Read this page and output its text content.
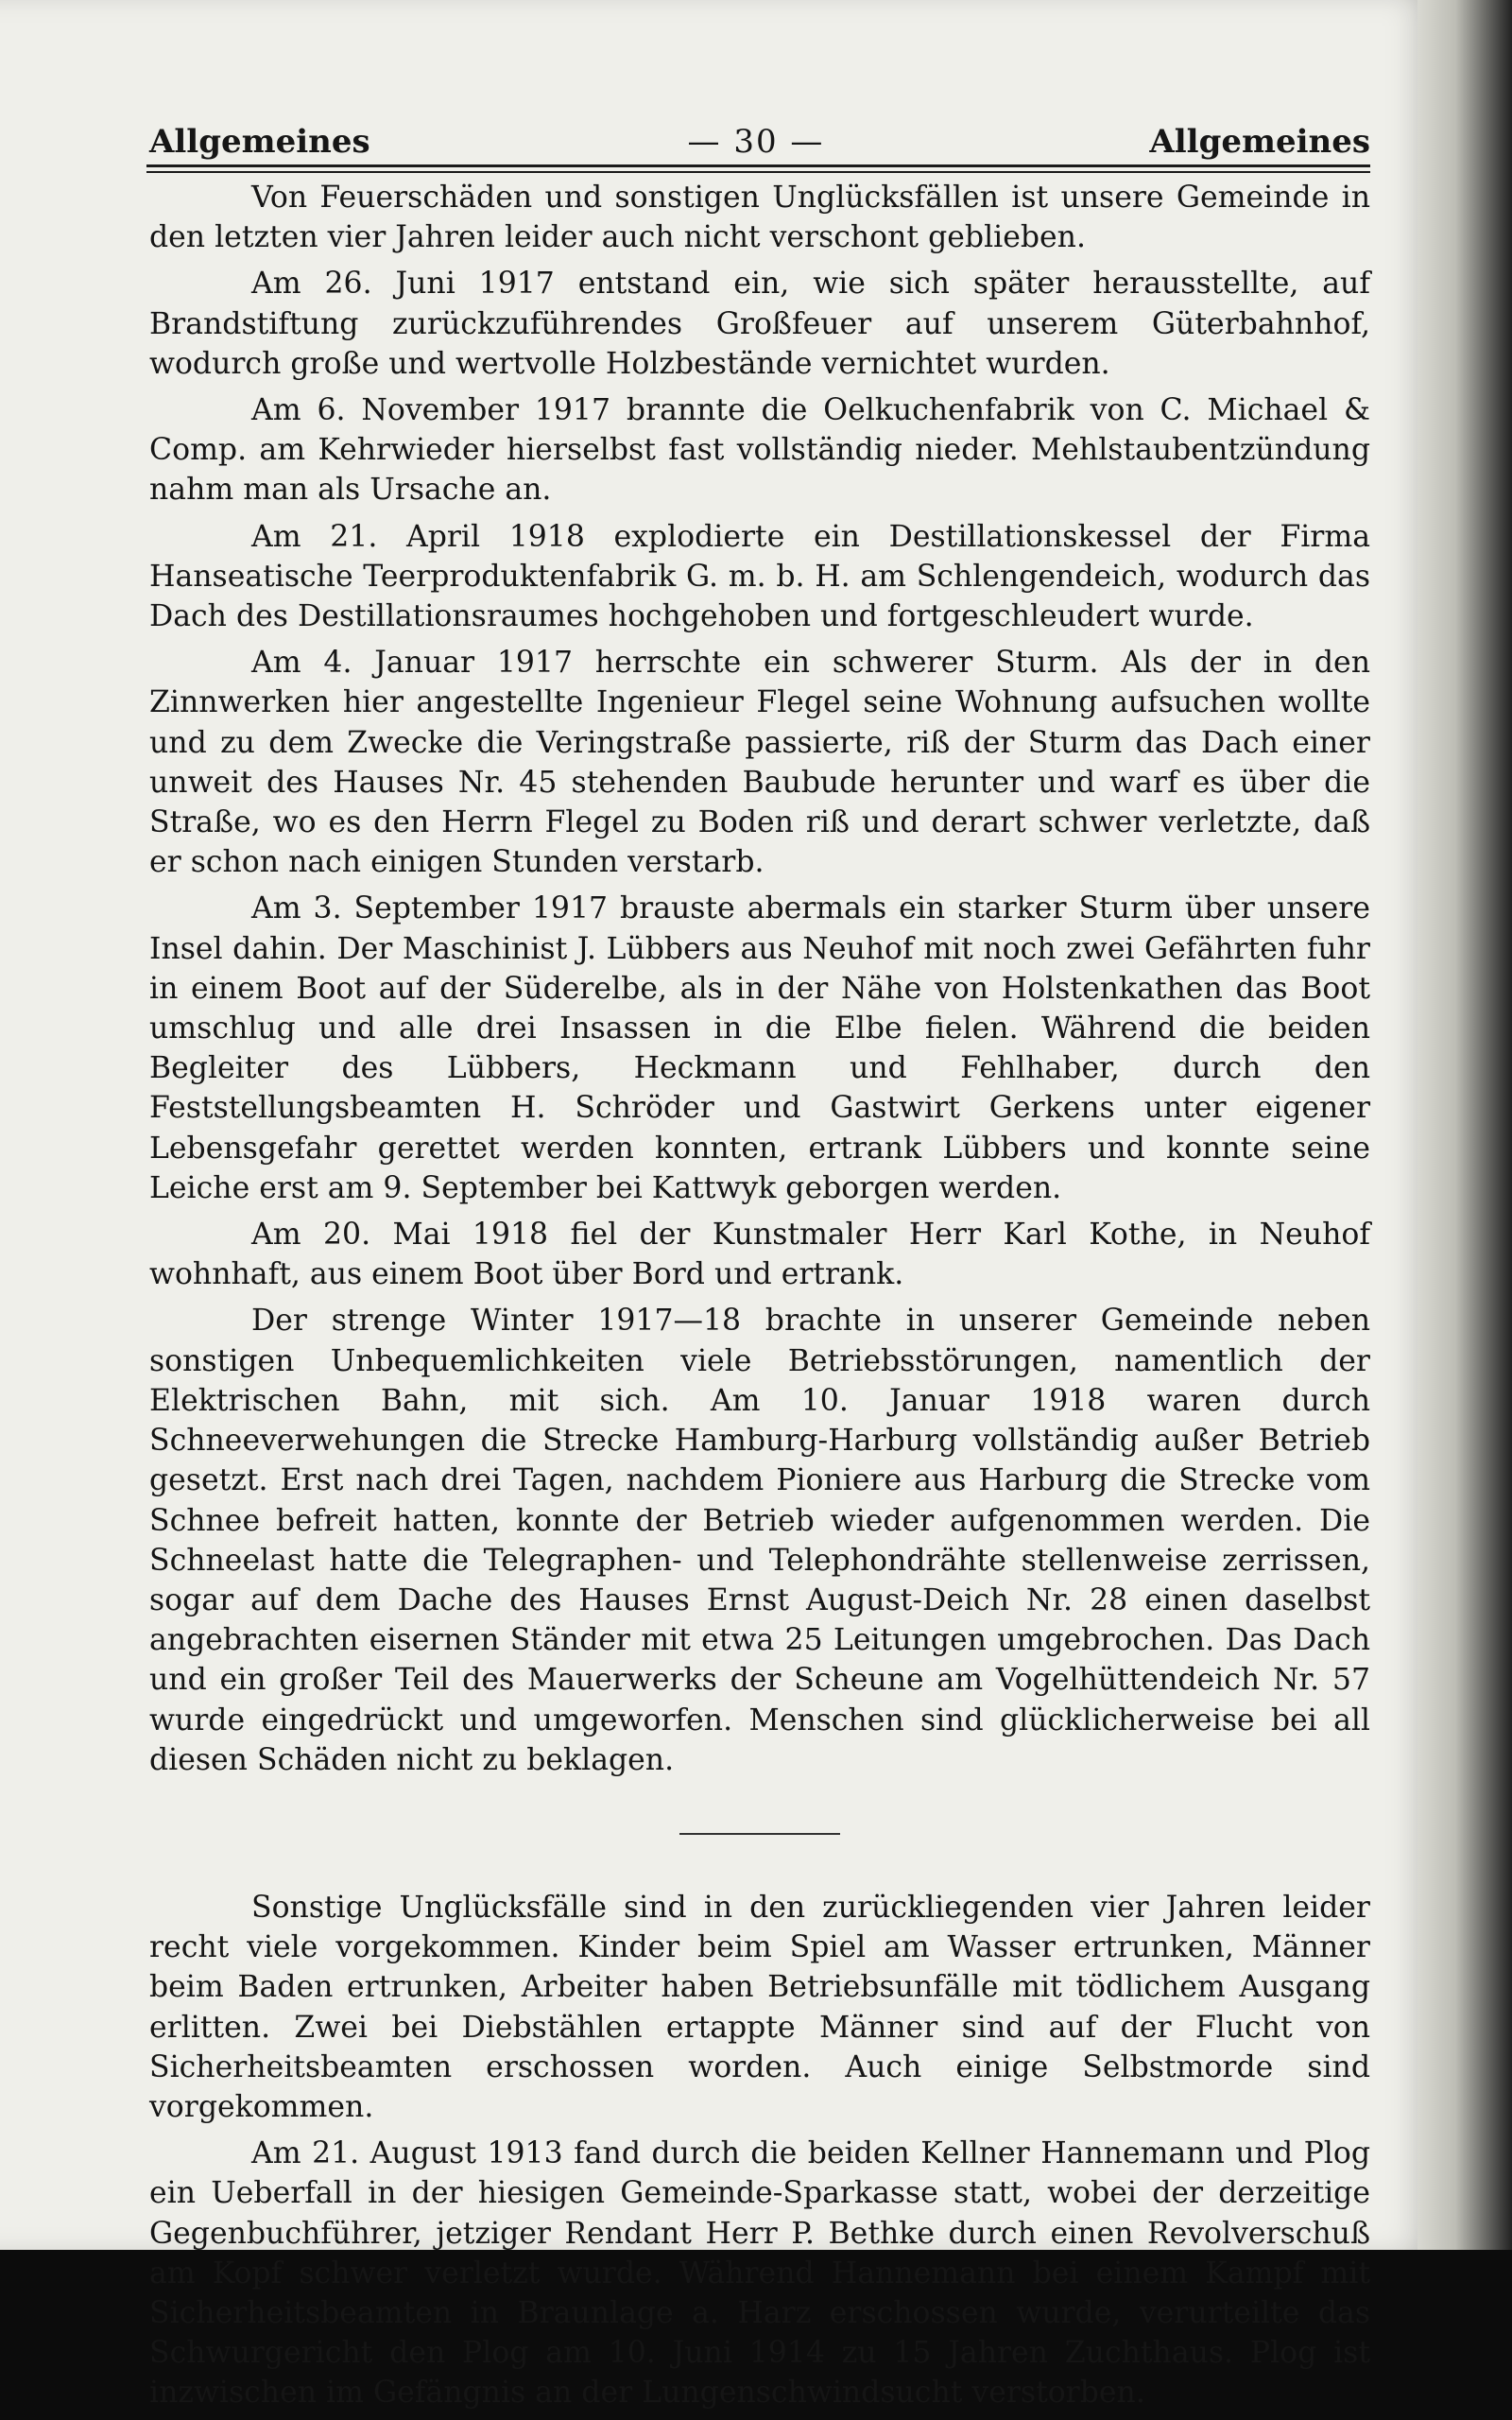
Allgemeines	— 30 —	Allgemeines

Von Feuerschäden und sonstigen Unglücksfällen ist unsere Gemeinde in den letzten vier Jahren leider auch nicht verschont geblieben.

Am 26. Juni 1917 entstand ein, wie sich später herausstellte, auf Brandstiftung zurückzuführendes Großfeuer auf unserem Güterbahnhof, wodurch große und wertvolle Holzbestände vernichtet wurden.

Am 6. November 1917 brannte die Oelkuchenfabrik von C. Michael & Comp. am Kehrwieder hierselbst fast vollständig nieder. Mehlstaubentzündung nahm man als Ursache an.

Am 21. April 1918 explodierte ein Destillationskessel der Firma Hanseatische Teerproduktenfabrik G. m. b. H. am Schlengendeich, wodurch das Dach des Destillationsraumes hochgehoben und fortgeschleudert wurde.

Am 4. Januar 1917 herrschte ein schwerer Sturm. Als der in den Zinnwerken hier angestellte Ingenieur Flegel seine Wohnung aufsuchen wollte und zu dem Zwecke die Veringstraße passierte, riß der Sturm das Dach einer unweit des Hauses Nr. 45 stehenden Baubude herunter und warf es über die Straße, wo es den Herrn Flegel zu Boden riß und derart schwer verletzte, daß er schon nach einigen Stunden verstarb.

Am 3. September 1917 brauste abermals ein starker Sturm über unsere Insel dahin. Der Maschinist J. Lübbers aus Neuhof mit noch zwei Gefährten fuhr in einem Boot auf der Süderelbe, als in der Nähe von Holstenkathen das Boot umschlug und alle drei Insassen in die Elbe fielen. Während die beiden Begleiter des Lübbers, Heckmann und Fehlhaber, durch den Feststellungsbeamten H. Schröder und Gastwirt Gerkens unter eigener Lebensgefahr gerettet werden konnten, ertrank Lübbers und konnte seine Leiche erst am 9. September bei Kattwyk geborgen werden.

Am 20. Mai 1918 fiel der Kunstmaler Herr Karl Kothe, in Neuhof wohnhaft, aus einem Boot über Bord und ertrank.

Der strenge Winter 1917—18 brachte in unserer Gemeinde neben sonstigen Unbequemlichkeiten viele Betriebsstörungen, namentlich der Elektrischen Bahn, mit sich. Am 10. Januar 1918 waren durch Schneeverwehungen die Strecke Hamburg-Harburg vollständig außer Betrieb gesetzt. Erst nach drei Tagen, nachdem Pioniere aus Harburg die Strecke vom Schnee befreit hatten, konnte der Betrieb wieder aufgenommen werden. Die Schneelast hatte die Telegraphen- und Telephondrähte stellenweise zerrissen, sogar auf dem Dache des Hauses Ernst August-Deich Nr. 28 einen daselbst angebrachten eisernen Ständer mit etwa 25 Leitungen umgebrochen. Das Dach und ein großer Teil des Mauerwerks der Scheune am Vogelhüttendeich Nr. 57 wurde eingedrückt und umgeworfen. Menschen sind glücklicherweise bei all diesen Schäden nicht zu beklagen.

Sonstige Unglücksfälle sind in den zurückliegenden vier Jahren leider recht viele vorgekommen. Kinder beim Spiel am Wasser ertrunken, Männer beim Baden ertrunken, Arbeiter haben Betriebsunfälle mit tödlichem Ausgang erlitten. Zwei bei Diebstählen ertappte Männer sind auf der Flucht von Sicherheitsbeamten erschossen worden. Auch einige Selbstmorde sind vorgekommen.

Am 21. August 1913 fand durch die beiden Kellner Hannemann und Plog ein Ueberfall in der hiesigen Gemeinde-Sparkasse statt, wobei der derzeitige Gegenbuchführer, jetziger Rendant Herr P. Bethke durch einen Revolverschuß am Kopf schwer verletzt wurde. Während Hannemann bei einem Kampf mit Sicherheitsbeamten in Braunlage a. Harz erschossen wurde, verurteilte das Schwurgericht den Plog am 10. Juni 1914 zu 15 Jahren Zuchthaus. Plog ist inzwischen im Gefängnis an der Lungenschwindsucht verstorben.
